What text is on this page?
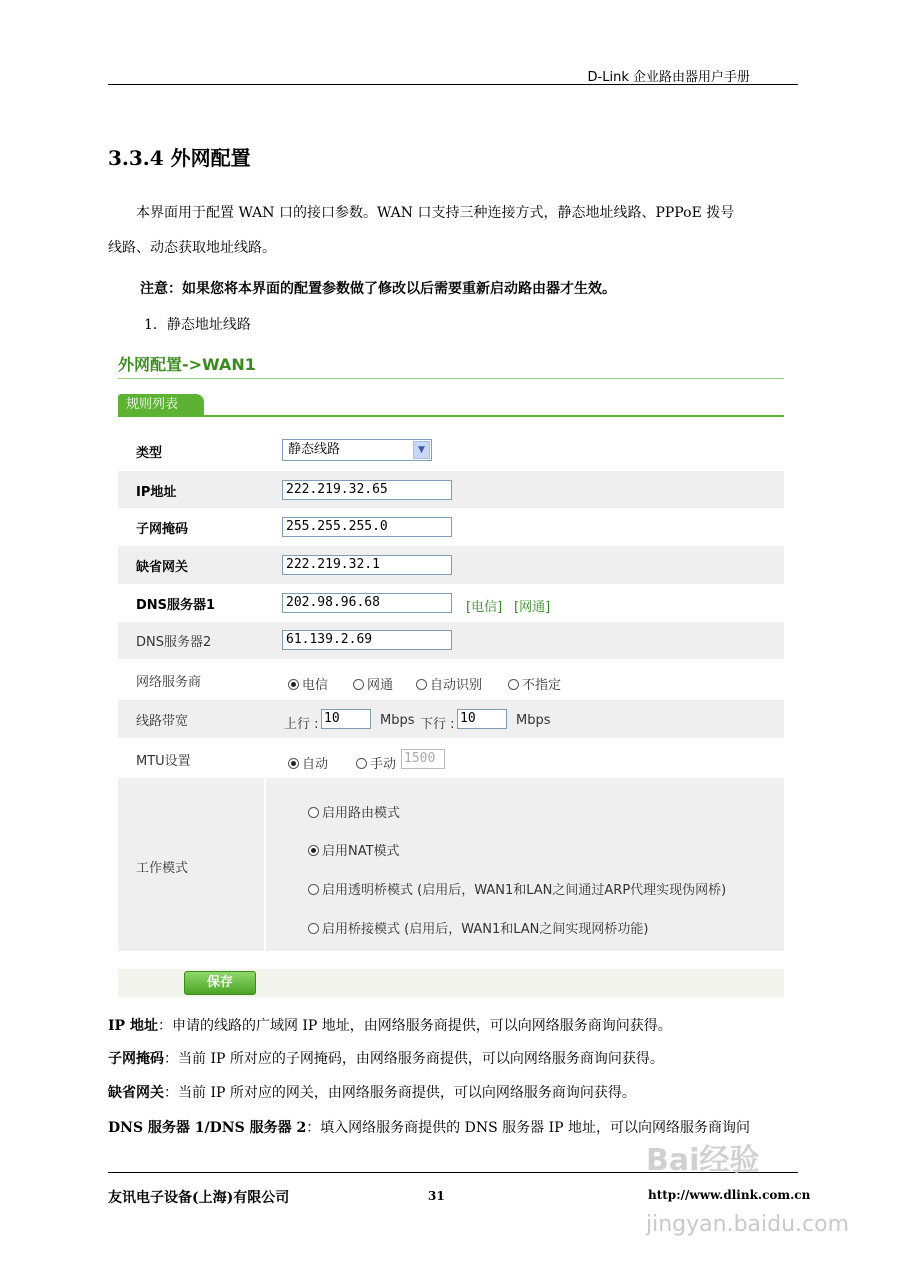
D-Link 企业路由器用户手册
3.3.4 外网配置
本界面用于配置 WAN 口的接口参数。WAN 口支持三种连接方式，静态地址线路、PPPoE 拨号
线路、动态获取地址线路。
注意：如果您将本界面的配置参数做了修改以后需要重新启动路由器才生效。
1．静态地址线路
外网配置->WAN1
规则列表
类型	静态线路	▼
IP地址	222.219.32.65
子网掩码	255.255.255.0
缺省网关	222.219.32.1
DNS服务器1	202.98.96.68	[电信] [网通]
DNS服务器2	61.139.2.69
网络服务商	电信	网通	自动识别	不指定
线路带宽	上行 : 10	Mbps 下行 : 10	Mbps
MTU设置	自动	手动 1500
工作模式
启用路由模式
启用NAT模式
启用透明桥模式 (启用后，WAN1和LAN之间通过ARP代理实现伪网桥)
启用桥接模式 (启用后，WAN1和LAN之间实现网桥功能)
保存
IP 地址：申请的线路的广域网 IP 地址，由网络服务商提供，可以向网络服务商询问获得。
子网掩码：当前 IP 所对应的子网掩码，由网络服务商提供，可以向网络服务商询问获得。
缺省网关：当前 IP 所对应的网关，由网络服务商提供，可以向网络服务商询问获得。
DNS 服务器 1/DNS 服务器 2：填入网络服务商提供的 DNS 服务器 IP 地址，可以向网络服务商询问
友讯电子设备(上海)有限公司	31	http://www.dlink.com.cn
Bai经验
jingyan.baidu.com
